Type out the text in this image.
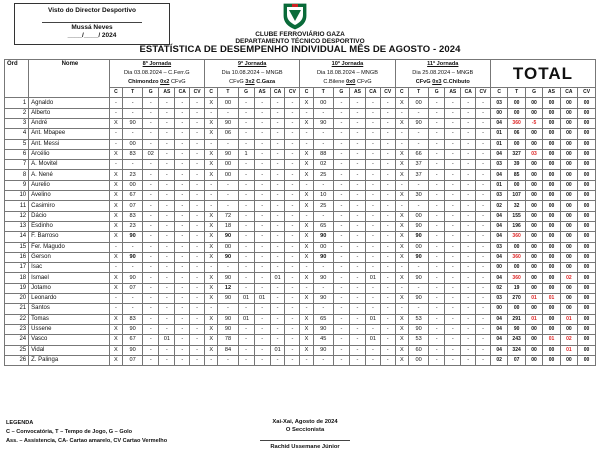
Visto do Director Desportivo
Mussá Neves
____/____/ 2024	CLUBE FERROVIÁRIO GAZA
DEPARTAMENTO TÉCNICO DESPORTIVO
ESTATÍSTICA DE DESEMPENHO INDIVIDUAL MÊS DE AGOSTO - 2024
Ord	Nome	8ª Jornada						9ª Jornada						10ª Jornada						11ª Jornada						TOTAL					
		Dia 03.08.2024 – C.Ferr.G						Dia 10.08.2024 – MNGB						Dia 18.08.2024 – MNGB						Dia 25.08.2024 – MNGB											
		Chimondzo 0x2 CFvG						CFvG 3x2 C.Gaza						C.Bilene 0x0 CFvG						CFvG 0x3 C.Chibuto											
		C	T	G	AS	CA	CV	C	T	G	AS	CA	CV	C	T	G	AS	CA	CV	C	T	G	AS	CA	CV	C	T	G	AS	CA	CV
1	Agnaldo	-	-	-	-	-	-	X	00	-	-	-	-	X	00	-	-	-	-	X	00	-	-	-	-	03	00	00	00	00	00
2	Alberto	-	-	-	-	-	-	-	-	-	-	-	-	-	-	-	-	-	-	-	-	-	-	-	-	00	00	00	00	00	00
3	André	X	90	-	-	-	-	X	90	-	-	-	-	X	90	-	-	-	-	X	90	-	-	-	-	04	360	-5	00	00	00
4	Ant. Mbapee	-	-	-	-	-	-	X	06	-	-	-	-	-	-	-	-	-	-	-	-	-	-	-	-	01	06	00	00	00	00
5	Ant. Messi	-	00	-	-	-	-	-	-	-	-	-	-	-	-	-	-	-	-	-	-	-	-	-	-	01	00	00	00	00	00
6	Arcélio	X	83	02	-	-	-	X	90	1	-	-	-	X	88	-	-	-	-	X	66	-	-	-	-	04	327	03	00	00	00
7	A. Movitel	-	-	-	-	-	-	X	00	-	-	-	-	X	02	-	-	-	-	X	37	-	-	-	-	03	39	00	00	00	00
8	A. Nené	X	23	-	-	-	-	X	00	-	-	-	-	X	25	-	-	-	-	X	37	-	-	-	-	04	85	00	00	00	00
9	Aurelio	X	00	-	-	-	-	-	-	-	-	-	-	-	-	-	-	-	-	-	-	-	-	-	-	01	00	00	00	00	00
10	Avelino	X	67	-	-	-	-	-	-	-	-	-	-	X	10	-	-	-	-	X	30	-	-	-	-	03	107	00	00	00	00
11	Casimiro	X	07	-	-	-	-	-	-	-	-	-	-	X	25	-	-	-	-	-	-	-	-	-	-	02	32	00	00	00	00
12	Dácio	X	83	-	-	-	-	X	72	-	-	-	-	-	-	-	-	-	-	X	00	-	-	-	-	04	155	00	00	00	00
13	Esdinho	X	23	-	-	-	-	X	18	-	-	-	-	X	65	-	-	-	-	X	90	-	-	-	-	04	196	00	00	00	00
14	F. Barroso	X	90	-	-	-	-	X	90	-	-	-	-	X	90	-	-	-	-	X	90	-	-	-	-	04	360	00	00	00	00
15	Fer. Magudo	-	-	-	-	-	-	X	00	-	-	-	-	X	00	-	-	-	-	X	00	-	-	-	-	03	00	00	00	00	00
16	Gerson	X	90	-	-	-	-	X	90	-	-	-	-	X	90	-	-	-	-	X	90	-	-	-	-	04	360	00	00	00	00
17	Isac	-	-	-	-	-	-	-	-	-	-	-	-	-	-	-	-	-	-	-	-	-	-	-	-	00	00	00	00	00	00
18	Ismael	X	90	-	-	-	-	X	90	-	-	01	-	X	90	-	-	01	-	X	90	-	-	-	-	04	360	00	00	02	00
19	Jotamo	X	07	-	-	-	-	X	12	-	-	-	-	-	-	-	-	-	-	-	-	-	-	-	-	02	19	00	00	00	00
20	Leonardo	-	-	-	-	-	-	X	90	01	01	-	-	X	90	-	-	-	-	X	90	-	-	-	-	03	270	01	01	00	00
21	Santos	-	-	-	-	-	-	-	-	-	-	-	-	-	-	-	-	-	-	-	-	-	-	-	-	00	00	00	00	00	00
22	Tomas	X	83	-	-	-	-	X	90	01	-	-	-	X	65	-	-	01	-	X	53	-	-	-	-	04	291	01	00	01	00
23	Ussene	X	90	-	-	-	-	X	90	-	-	-	-	X	90	-	-	-	-	X	90	-	-	-	-	04	90	00	00	00	00
24	Vasco	X	67	-	01	-	-	X	78	-	-	-	-	X	45	-	-	01	-	X	53	-	-	-	-	04	243	00	01	02	00
25	Vidal	X	90	-	-	-	-	X	84	-	-	01	-	X	90	-	-	-	-	X	60	-	-	-	-	04	324	00	00	01	00
26	Z. Palinga	X	07	-	-	-	-	-	-	-	-	-	-	-	-	-	-	-	-	X	00	-	-	-	-	02	07	00	00	00	00
LEGENDA
C – Convocatória, T – Tempo de Jogo, G – Golo
Ass. – Assistencia, CA- Cartao amarelo, CV Cartao Vermelho
Xai-Xai, Agosto de 2024
O Seccionista
Rachid Ussemane Júnior
